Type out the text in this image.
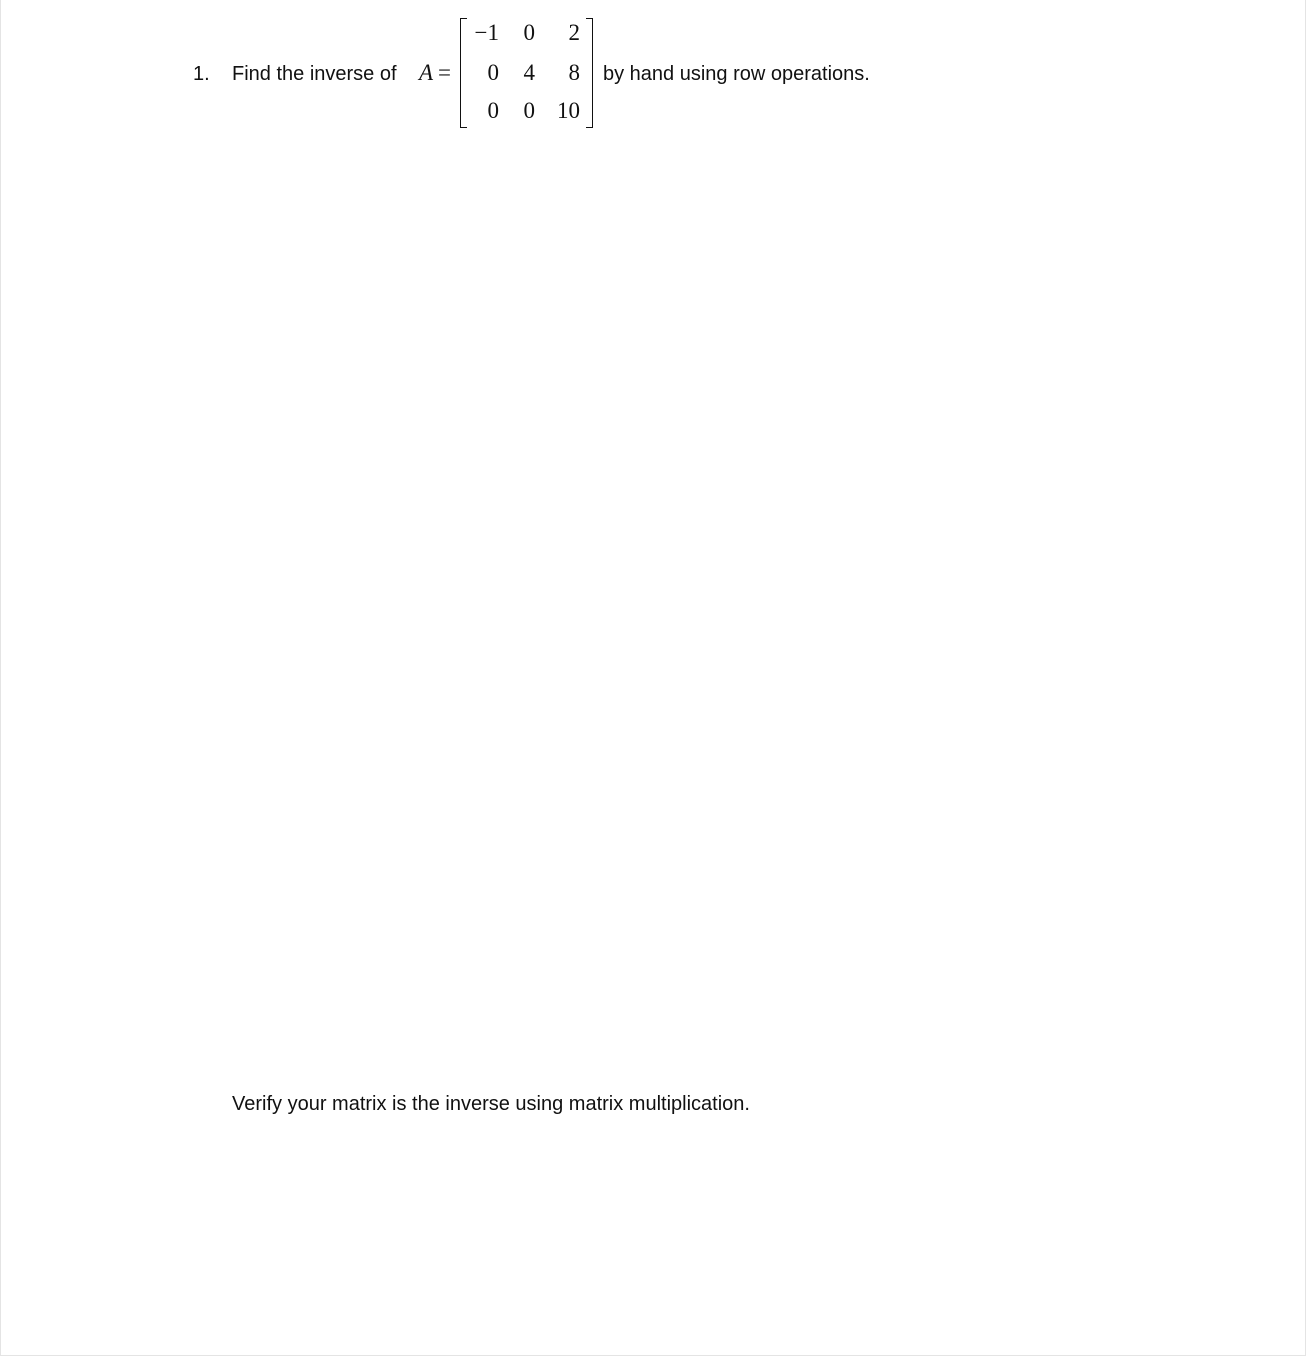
1. Find the inverse of A =
−1	0	2
0	4	8
0	0 10
by hand using row operations.
Verify your matrix is the inverse using matrix multiplication.
